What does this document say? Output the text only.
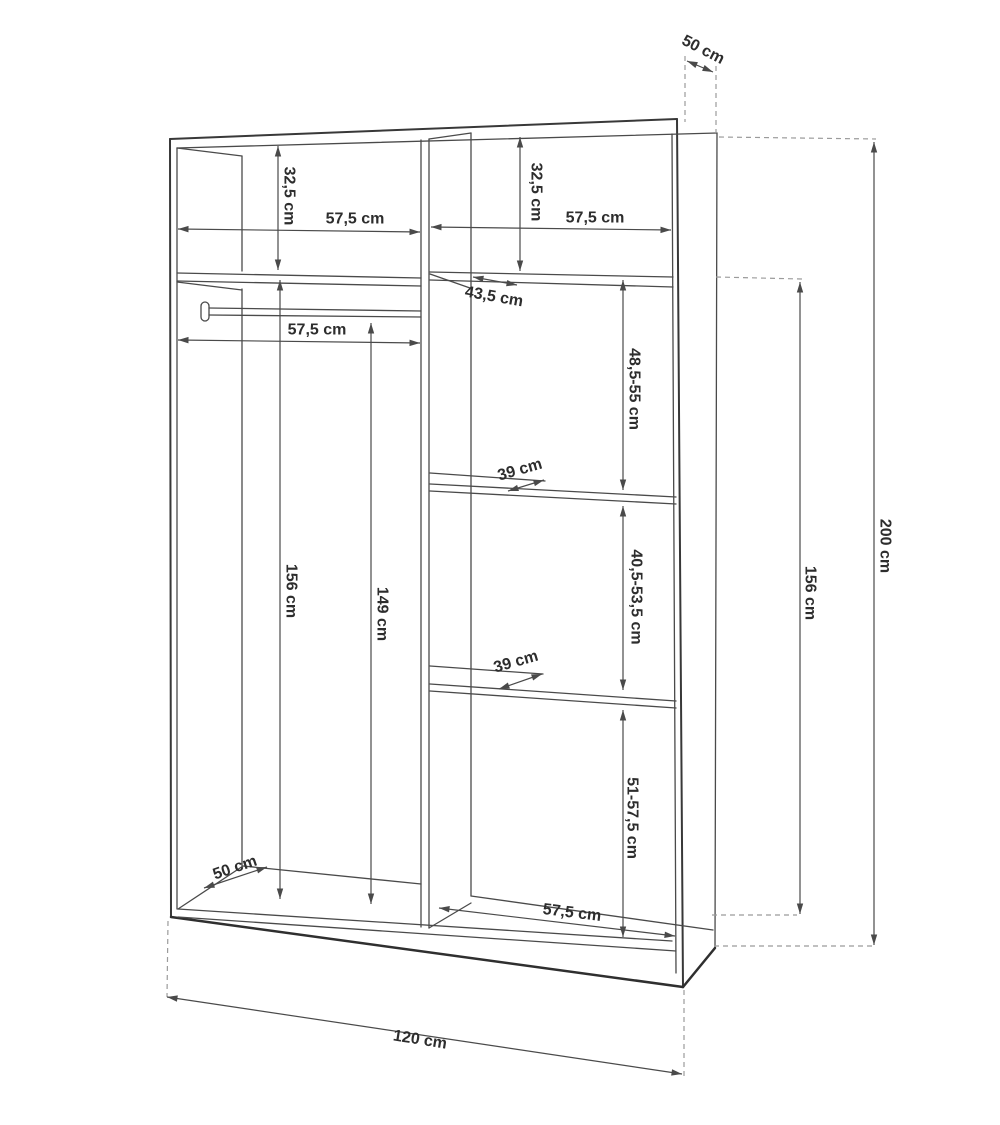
50 cm
32,5 cm	32,5 cm
57,5 cm	57,5 cm
43,5 cm
57,5 cm
48,5-55 cm
39 cm
40,5-53,5 cm
39 cm
51-57,5 cm
156 cm	149 cm
50 cm
57,5 cm
200 cm
156 cm
120 cm
